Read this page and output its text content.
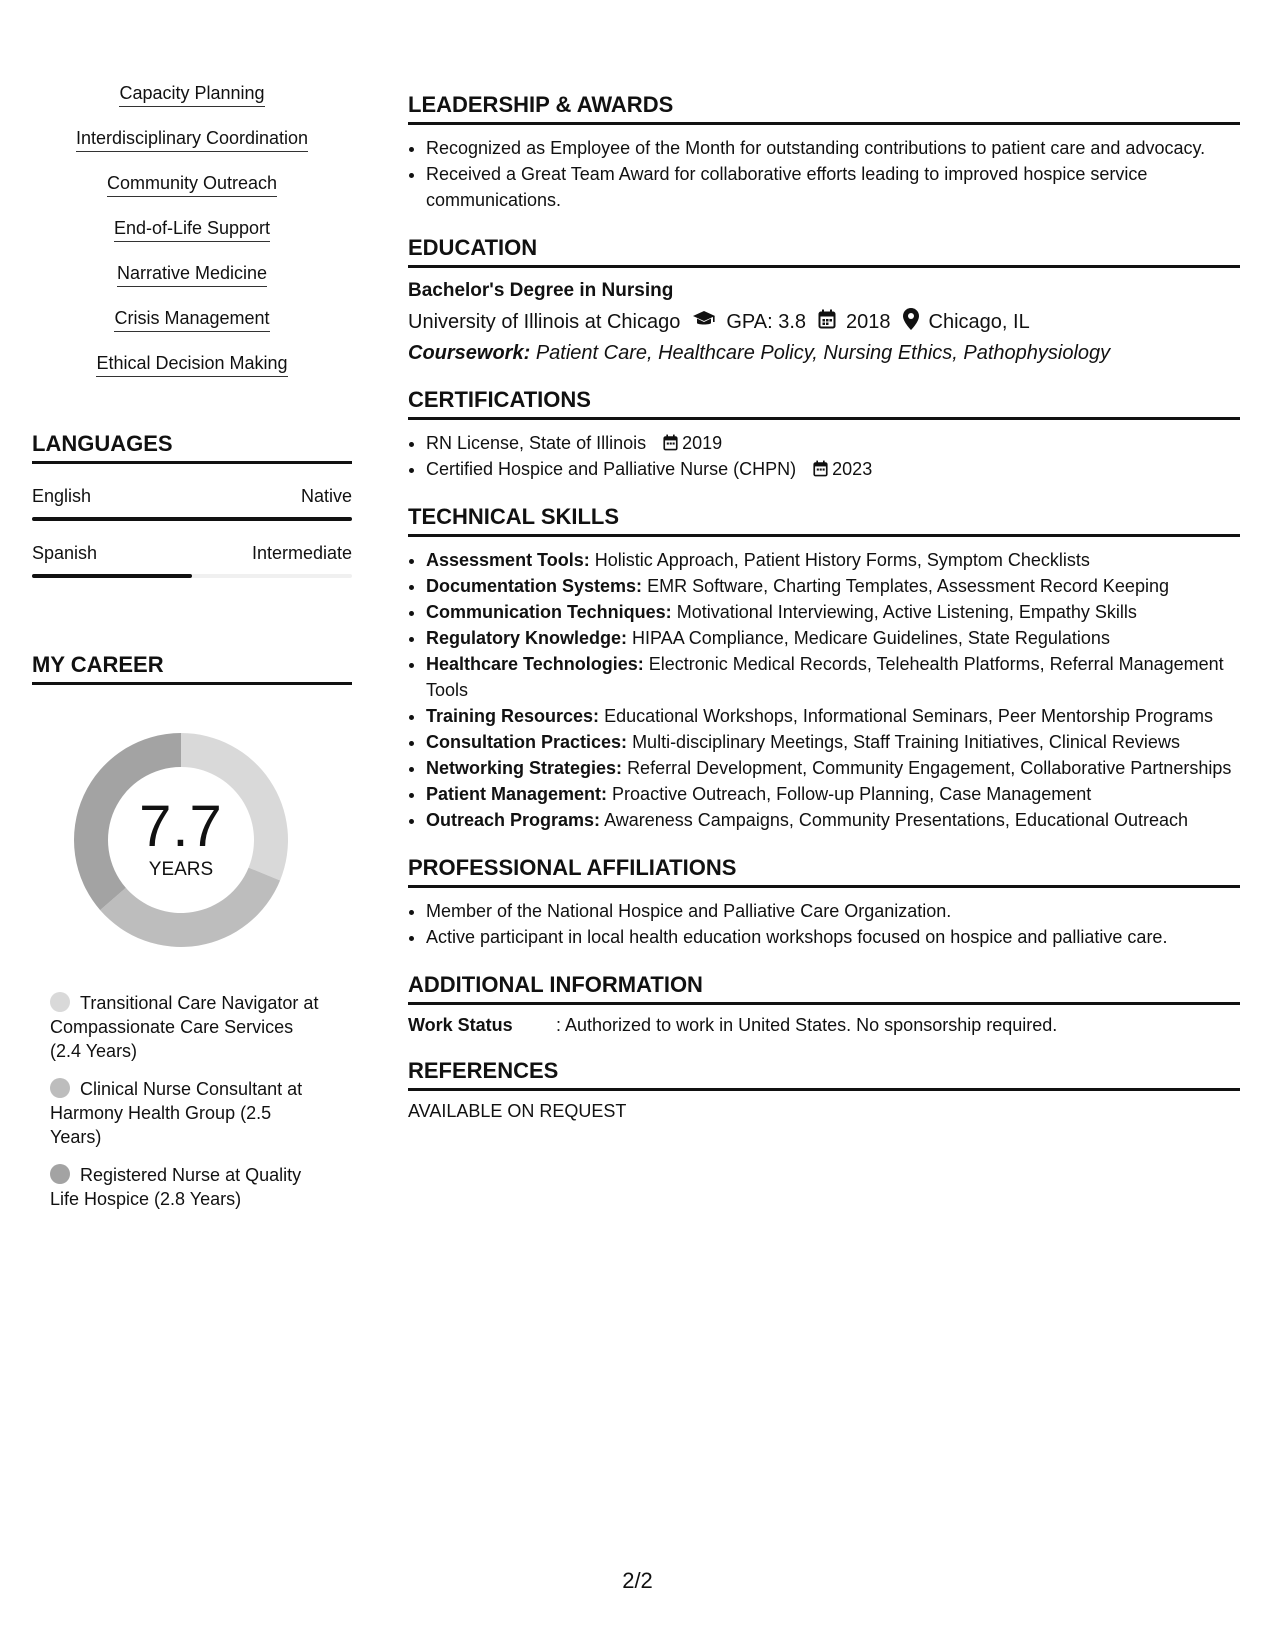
Capacity Planning
Interdisciplinary Coordination
Community Outreach
End-of-Life Support
Narrative Medicine
Crisis Management
Ethical Decision Making
LANGUAGES
English	Native
Spanish	Intermediate
MY CAREER
7.7
YEARS
Transitional Care Navigator at Compassionate Care Services (2.4 Years)
Clinical Nurse Consultant at Harmony Health Group (2.5 Years)
Registered Nurse at Quality Life Hospice (2.8 Years)
LEADERSHIP & AWARDS
• Recognized as Employee of the Month for outstanding contributions to patient care and advocacy.
• Received a Great Team Award for collaborative efforts leading to improved hospice service communications.
EDUCATION
Bachelor's Degree in Nursing
University of Illinois at Chicago GPA: 3.8 2018 Chicago, IL
Coursework: Patient Care, Healthcare Policy, Nursing Ethics, Pathophysiology
CERTIFICATIONS
• RN License, State of Illinois 2019
• Certified Hospice and Palliative Nurse (CHPN) 2023
TECHNICAL SKILLS
• Assessment Tools: Holistic Approach, Patient History Forms, Symptom Checklists
• Documentation Systems: EMR Software, Charting Templates, Assessment Record Keeping
• Communication Techniques: Motivational Interviewing, Active Listening, Empathy Skills
• Regulatory Knowledge: HIPAA Compliance, Medicare Guidelines, State Regulations
• Healthcare Technologies: Electronic Medical Records, Telehealth Platforms, Referral Management Tools
• Training Resources: Educational Workshops, Informational Seminars, Peer Mentorship Programs
• Consultation Practices: Multi-disciplinary Meetings, Staff Training Initiatives, Clinical Reviews
• Networking Strategies: Referral Development, Community Engagement, Collaborative Partnerships
• Patient Management: Proactive Outreach, Follow-up Planning, Case Management
• Outreach Programs: Awareness Campaigns, Community Presentations, Educational Outreach
PROFESSIONAL AFFILIATIONS
• Member of the National Hospice and Palliative Care Organization.
• Active participant in local health education workshops focused on hospice and palliative care.
ADDITIONAL INFORMATION
Work Status	: Authorized to work in United States. No sponsorship required.
REFERENCES
AVAILABLE ON REQUEST
2/2
